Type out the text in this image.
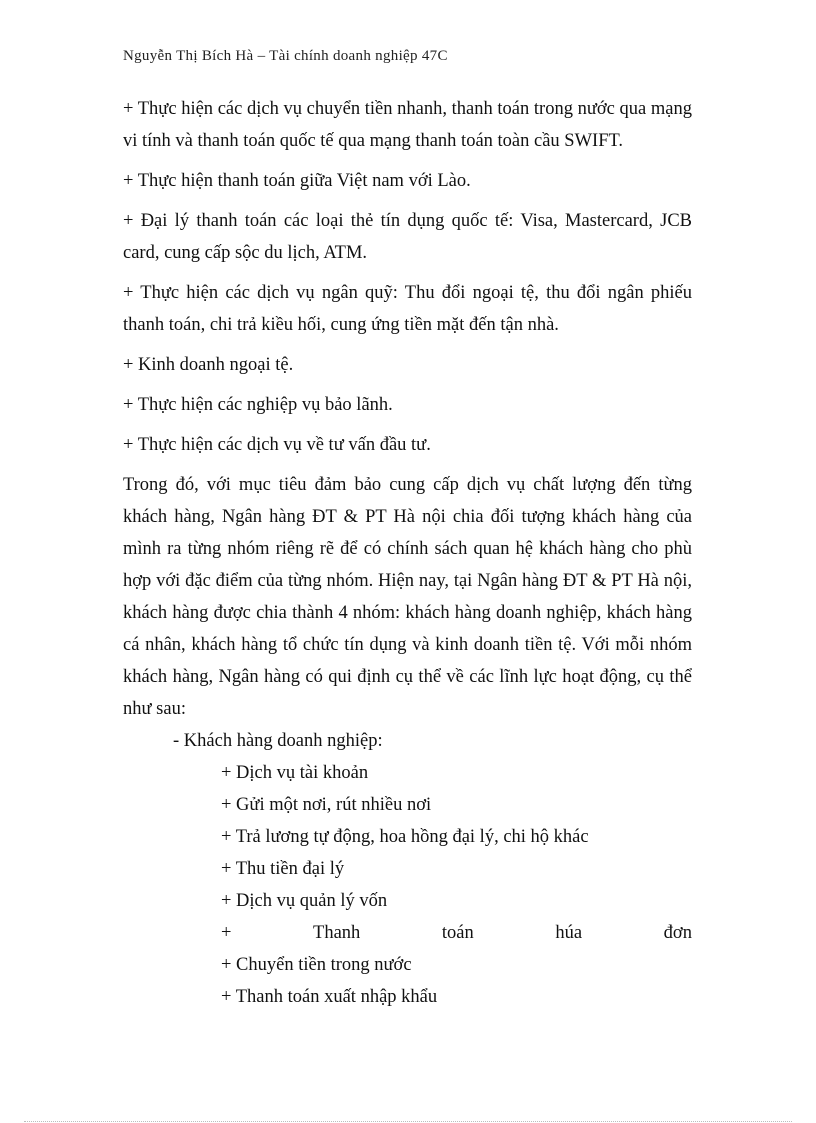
Nguyễn Thị Bích Hà – Tài chính doanh nghiệp 47C

+ Thực hiện các dịch vụ chuyển tiền nhanh, thanh toán trong nước qua mạng vi tính và thanh toán quốc tế qua mạng thanh toán toàn cầu SWIFT.

+ Thực hiện thanh toán giữa Việt nam với Lào.

+ Đại lý thanh toán các loại thẻ tín dụng quốc tế: Visa, Mastercard, JCB card, cung cấp sộc du lịch, ATM.

+ Thực hiện các dịch vụ ngân quỹ: Thu đổi ngoại tệ, thu đổi ngân phiếu thanh toán, chi trả kiều hối, cung ứng tiền mặt đến tận nhà.

+ Kinh doanh ngoại tệ.

+ Thực hiện các nghiệp vụ bảo lãnh.

+ Thực hiện các dịch vụ về tư vấn đầu tư.

Trong đó, với mục tiêu đảm bảo cung cấp dịch vụ chất lượng đến từng khách hàng, Ngân hàng ĐT & PT Hà nội chia đối tượng khách hàng của mình ra từng nhóm riêng rẽ để có chính sách quan hệ khách hàng cho phù hợp với đặc điểm của từng nhóm. Hiện nay, tại Ngân hàng ĐT & PT Hà nội, khách hàng được chia thành 4 nhóm: khách hàng doanh nghiệp, khách hàng cá nhân, khách hàng tổ chức tín dụng và kinh doanh tiền tệ. Với mỗi nhóm khách hàng, Ngân hàng có qui định cụ thể về các lĩnh lực hoạt động, cụ thể như sau:

- Khách hàng doanh nghiệp:

+ Dịch vụ tài khoản

+ Gửi một nơi, rút nhiều nơi

+ Trả lương tự động, hoa hồng đại lý, chi hộ khác

+ Thu tiền đại lý

+ Dịch vụ quản lý vốn

+	Thanh	toán	húa	đơn

+ Chuyển tiền trong nước

+ Thanh toán xuất nhập khẩu
